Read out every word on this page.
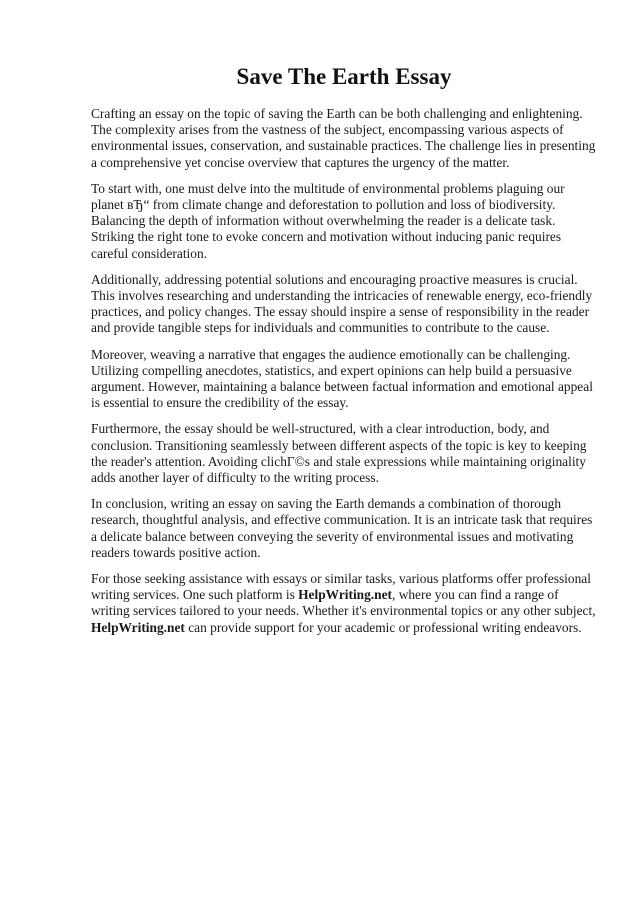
Save The Earth Essay

Crafting an essay on the topic of saving the Earth can be both challenging and enlightening. The complexity arises from the vastness of the subject, encompassing various aspects of environmental issues, conservation, and sustainable practices. The challenge lies in presenting a comprehensive yet concise overview that captures the urgency of the matter.

To start with, one must delve into the multitude of environmental problems plaguing our planet вЂ“ from climate change and deforestation to pollution and loss of biodiversity. Balancing the depth of information without overwhelming the reader is a delicate task. Striking the right tone to evoke concern and motivation without inducing panic requires careful consideration.

Additionally, addressing potential solutions and encouraging proactive measures is crucial. This involves researching and understanding the intricacies of renewable energy, eco-friendly practices, and policy changes. The essay should inspire a sense of responsibility in the reader and provide tangible steps for individuals and communities to contribute to the cause.

Moreover, weaving a narrative that engages the audience emotionally can be challenging. Utilizing compelling anecdotes, statistics, and expert opinions can help build a persuasive argument. However, maintaining a balance between factual information and emotional appeal is essential to ensure the credibility of the essay.

Furthermore, the essay should be well-structured, with a clear introduction, body, and conclusion. Transitioning seamlessly between different aspects of the topic is key to keeping the reader's attention. Avoiding clichГ©s and stale expressions while maintaining originality adds another layer of difficulty to the writing process.

In conclusion, writing an essay on saving the Earth demands a combination of thorough research, thoughtful analysis, and effective communication. It is an intricate task that requires a delicate balance between conveying the severity of environmental issues and motivating readers towards positive action.

For those seeking assistance with essays or similar tasks, various platforms offer professional writing services. One such platform is HelpWriting.net, where you can find a range of writing services tailored to your needs. Whether it's environmental topics or any other subject, HelpWriting.net can provide support for your academic or professional writing endeavors.
